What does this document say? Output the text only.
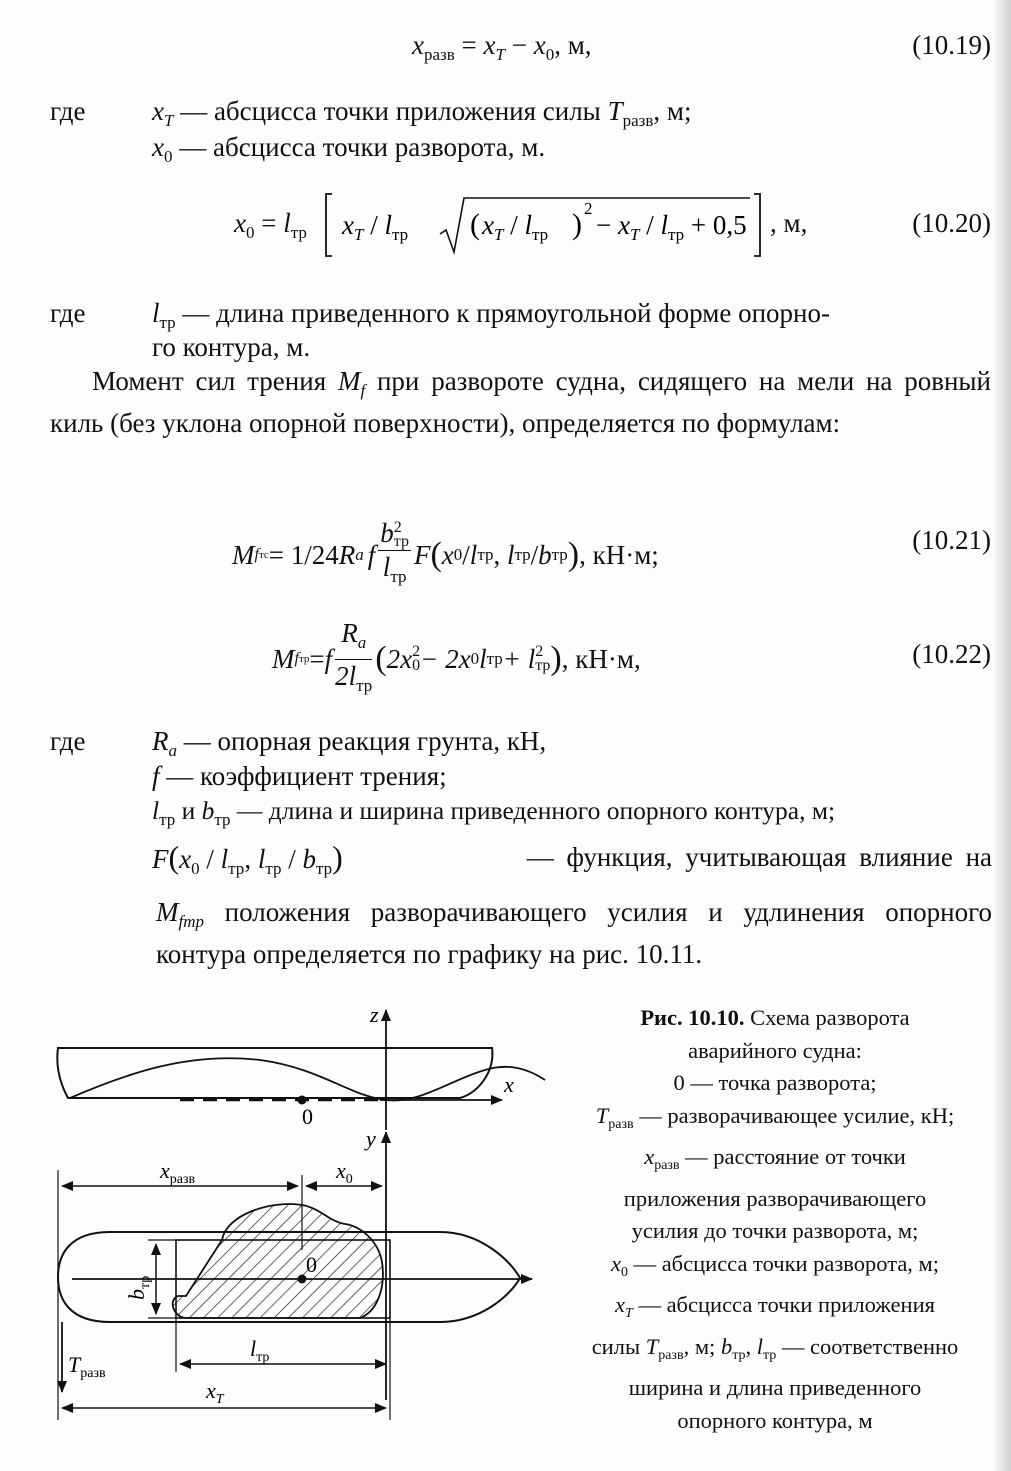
$x_{разв} = x_T - x_0$, м,	(10.19)
где $x_T$ — абсцисса точки приложения силы $T_{разв}$, м;
$x_0$ — абсцисса точки разворота, м.
$x_0 = l_{тр}$ $x_T / l_{тр}$ ( $x_T / l_{тр}$ ) 2
− $x_T / l_{тр} + 0,5$ , м,	(10.20)
где $l_{тр}$ — длина приведенного к прямоугольной форме опорно-
го контура, м.
Момент сил трения $M_f$ при развороте судна, сидящего на мели на ровный киль (без уклона опорной поверхности), определяется по формулам:
M f тс = 1/24 R a f b 2
тр
$l_{тр}$ F ( x 0 / l тр , l тр / b тр ) , кН·м;	(10.21)
M f тр = f $\frac{R_a}{2l_{тр}}$ ( 2x 2
0 − 2x 0 l тр + l 2
тр ) , кН·м,	(10.22)
где $R_a$ — опорная реакция грунта, кН,
f — коэффициент трения;
$l_{тр}$ и $b_{тр}$ — длина и ширина приведенного опорного контура, м;
$F(x_0 / l_{тр}$, $l_{тр} / b_{тр}$)	— функция, учитывающая влияние на
$M_{fтр}$ положения разворачивающего усилия и удлинения опорного контура определяется по графику на рис. 10.11.
z
x
0
y
$x_{разв}$	$x_0$
0
$b_{тр}$
$T_{разв}$
$l_{тр}$
$x_T$
Рис. 10.10. Схема разворота
аварийного судна:
0 — точка разворота;
$T_{разв}$ — разворачивающее усилие, кН;
$x_{разв}$ — расстояние от точки
приложения разворачивающего
усилия до точки разворота, м;
$x_0$ — абсцисса точки разворота, м;
$x_T$ — абсцисса точки приложения
силы $T_{разв}$, м; $b_{тр}$, $l_{тр}$ — соответственно
ширина и длина приведенного
опорного контура, м
